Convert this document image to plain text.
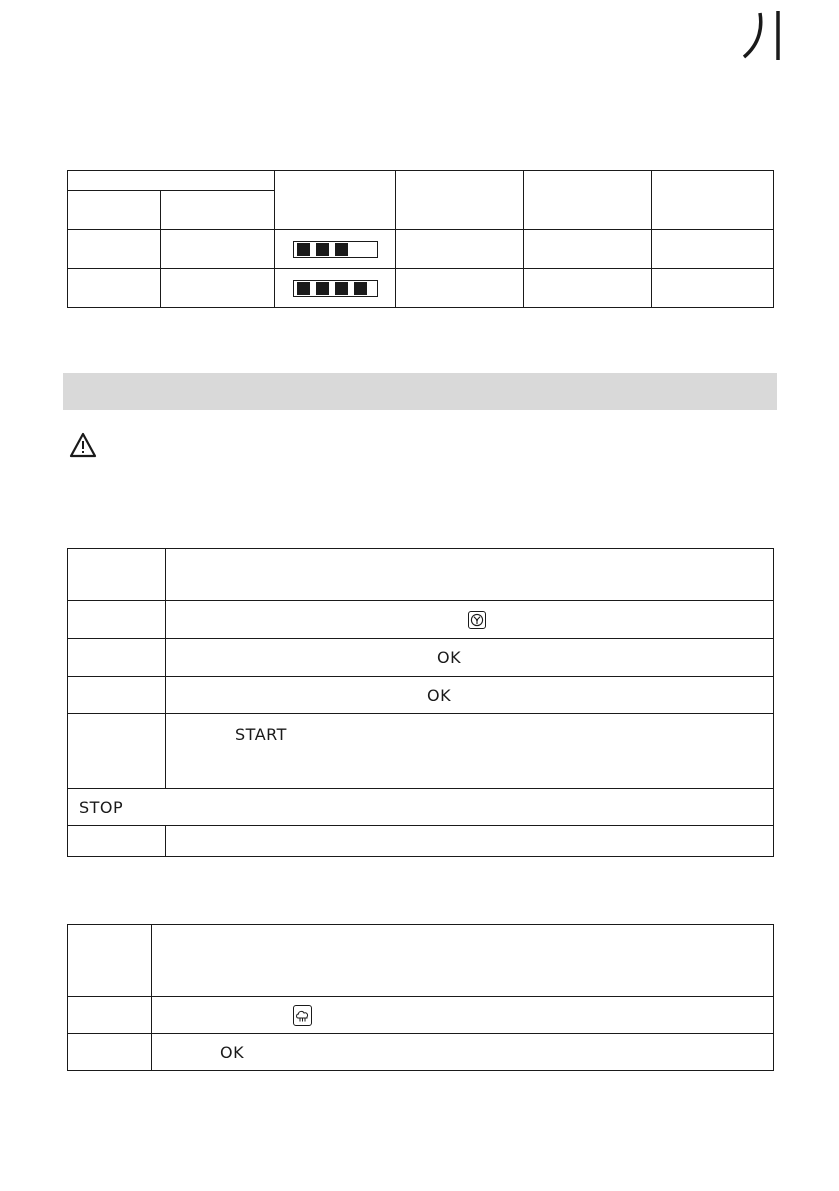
	OK

	OK

	START

STOP	

	OK
